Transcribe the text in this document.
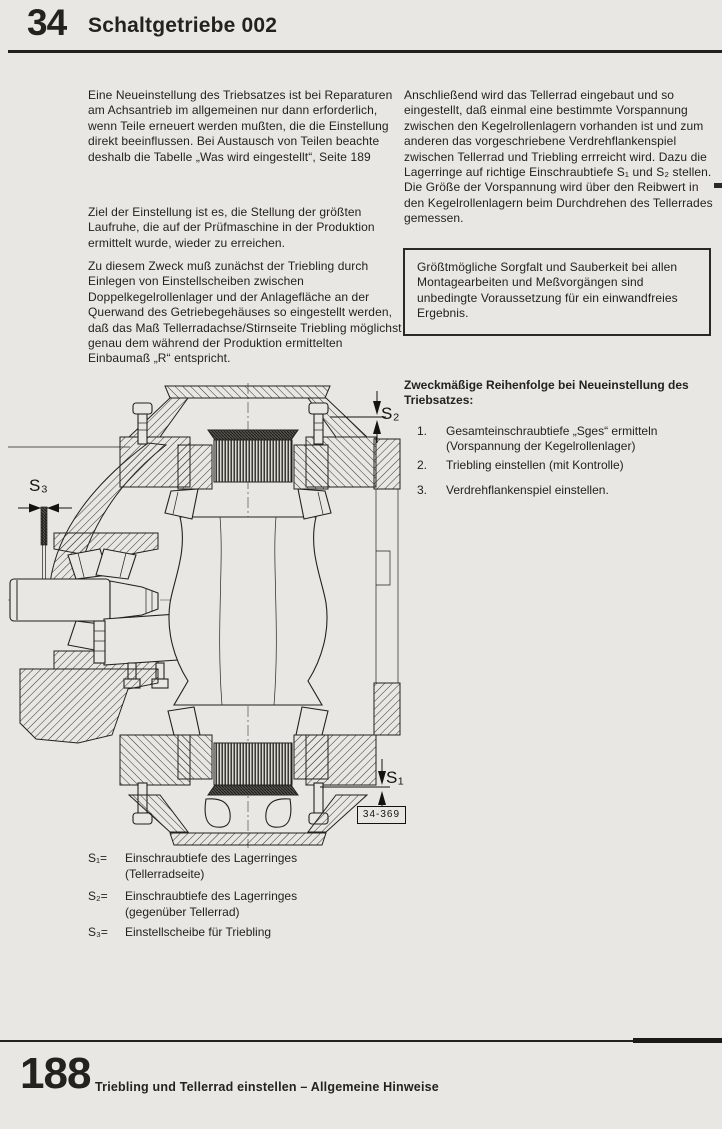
34 Schaltgetriebe 002
Eine Neueinstellung des Triebsatzes ist bei Reparaturen am Achsantrieb im allgemeinen nur dann erforderlich, wenn Teile erneuert werden mußten, die die Einstellung direkt beeinflussen. Bei Austausch von Teilen beachte deshalb die Tabelle „Was wird eingestellt“, Seite 189
Ziel der Einstellung ist es, die Stellung der größten Laufruhe, die auf der Prüfmaschine in der Produktion ermittelt wurde, wieder zu erreichen.
Zu diesem Zweck muß zunächst der Triebling durch Einlegen von Einstellscheiben zwischen Doppelkegelrollenlager und der Anlagefläche an der Querwand des Getriebegehäuses so eingestellt werden, daß das Maß Tellerradachse/Stirnseite Triebling möglichst genau dem während der Produktion ermittelten Einbaumaß „R“ entspricht.
Anschließend wird das Tellerrad eingebaut und so eingestellt, daß einmal eine bestimmte Vorspannung zwischen den Kegelrollenlagern vorhanden ist und zum anderen das vorgeschriebene Verdrehflankenspiel zwischen Tellerrad und Triebling errreicht wird. Dazu die Lagerringe auf richtige Einschraubtiefe S₁ und S₂ stellen. Die Größe der Vorspannung wird über den Reibwert in den Kegelrollenlagern beim Durchdrehen des Tellerrades gemessen.
Größtmögliche Sorgfalt und Sauberkeit bei allen Montagearbeiten und Meßvorgängen sind unbedingte Voraussetzung für ein einwandfreies Ergebnis.
Zweckmäßige Reihenfolge bei Neueinstellung des Triebsatzes:
1. Gesamteinschraubtiefe „Sges“ ermitteln (Vorspannung der Kegelrollenlager)
2. Triebling einstellen (mit Kontrolle)
3. Verdrehflankenspiel einstellen.
S₂
S₃
S₁
34-369
S₁= Einschraubtiefe des Lagerringes
(Tellerradseite)
S₂= Einschraubtiefe des Lagerringes
(gegenüber Tellerrad)
S₃= Einstellscheibe für Triebling
188 Triebling und Tellerrad einstellen – Allgemeine Hinweise
